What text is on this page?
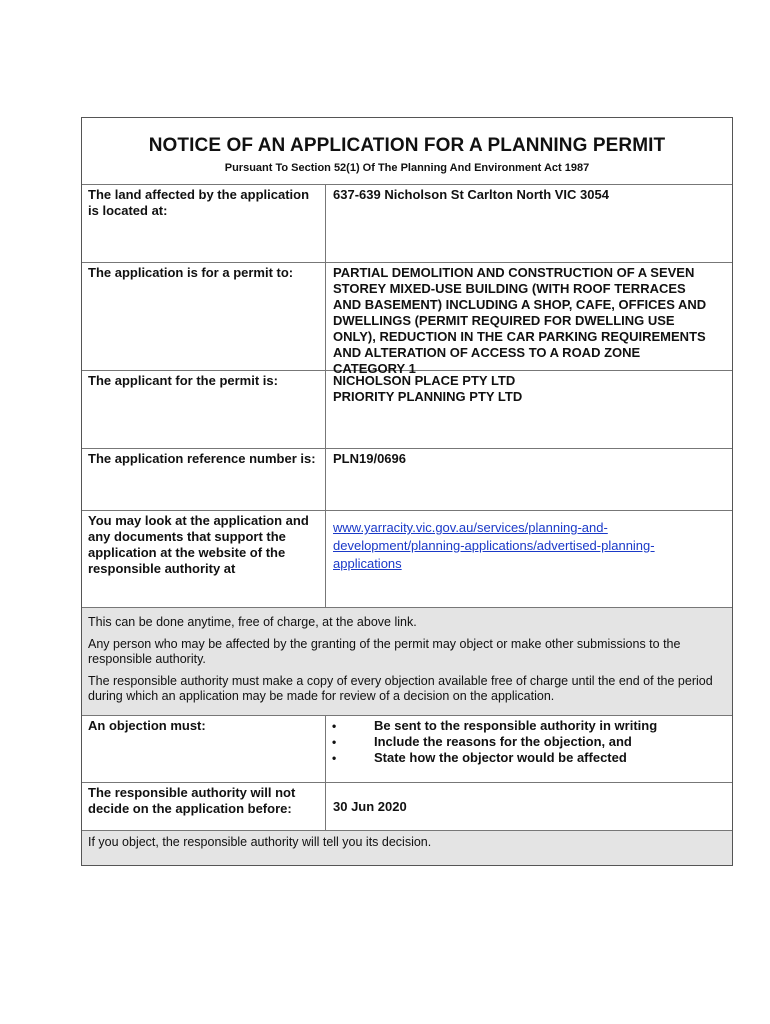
NOTICE OF AN APPLICATION FOR A PLANNING PERMIT
Pursuant To Section 52(1) Of The Planning And Environment Act 1987
The land affected by the application is located at:
637-639 Nicholson St Carlton North VIC 3054
The application is for a permit to:	PARTIAL DEMOLITION AND CONSTRUCTION OF A SEVEN STOREY MIXED-USE BUILDING (WITH ROOF TERRACES AND BASEMENT) INCLUDING A SHOP, CAFE, OFFICES AND DWELLINGS (PERMIT REQUIRED FOR DWELLING USE ONLY), REDUCTION IN THE CAR PARKING REQUIREMENTS AND ALTERATION OF ACCESS TO A ROAD ZONE CATEGORY 1
The applicant for the permit is:	NICHOLSON PLACE PTY LTD
PRIORITY PLANNING PTY LTD
The application reference number is:	PLN19/0696
You may look at the application and any documents that support the application at the website of the responsible authority at
www.yarracity.vic.gov.au/services/planning-and-
development/planning-applications/advertised-planning-
applications

This can be done anytime, free of charge, at the above link.

Any person who may be affected by the granting of the permit may object or make other submissions to the responsible authority.

The responsible authority must make a copy of every objection available free of charge until the end of the period during which an application may be made for review of a decision on the application.

An objection must:	•	Be sent to the responsible authority in writing
•	Include the reasons for the objection, and
•	State how the objector would be affected
The responsible authority will not decide on the application before:	30 Jun 2020
If you object, the responsible authority will tell you its decision.
